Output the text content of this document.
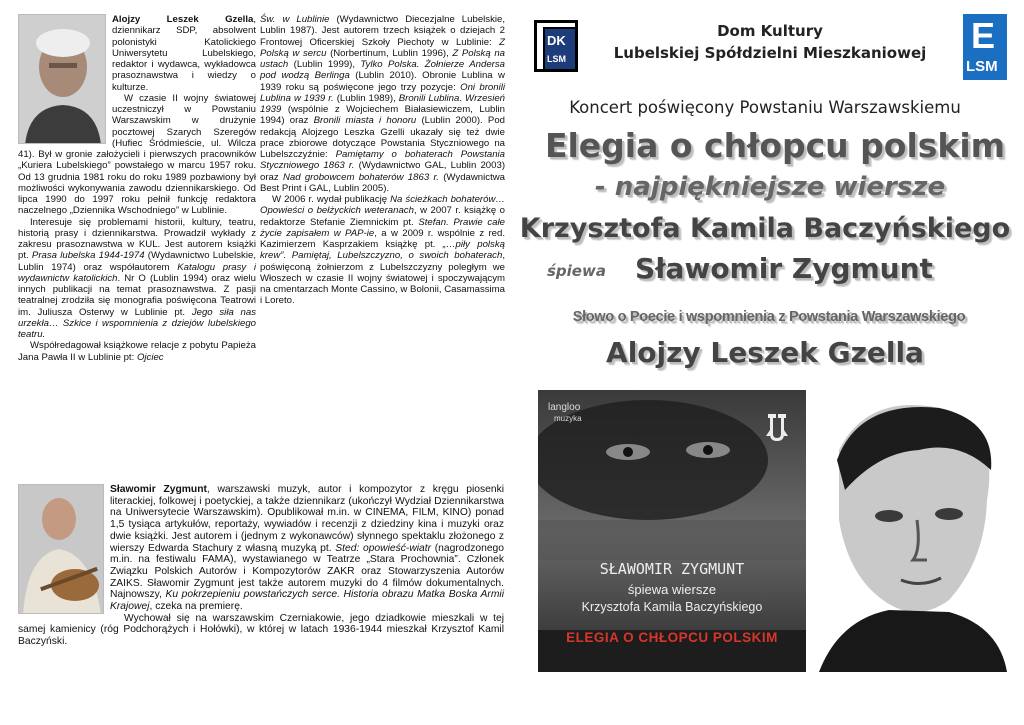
Alojzy Leszek Gzella, dziennikarz SDP, absolwent polonistyki Katolickiego Uniwersytetu Lubelskiego, redaktor i wydawca, wykładowca prasoznawstwa i wiedzy o kulturze.

W czasie II wojny światowej uczestniczył w Powstaniu Warszawskim w drużynie pocztowej Szarych Szeregów (Hufiec Śródmieście, ul. Wilcza 41). Był w gronie założycieli i pierwszych pracowników „Kuriera Lubelskiego” powstałego w marcu 1957 roku. Od 13 grudnia 1981 roku do roku 1989 pozbawiony był możliwości wykonywania zawodu dziennikarskiego. Od lipca 1990 do 1997 roku pełnił funkcję redaktora naczelnego „Dziennika Wschodniego” w Lublinie.

Interesuje się problemami historii, kultury, teatru, historią prasy i dziennikarstwa. Prowadził wykłady z zakresu prasoznawstwa w KUL. Jest autorem książki pt. Prasa lubelska 1944-1974 (Wydawnictwo Lubelskie, Lublin 1974) oraz współautorem Katalogu prasy i wydawnictw katolickich. Nr O (Lublin 1994) oraz wielu innych publikacji na temat prasoznawstwa. Z pasji teatralnej zrodziła się monografia poświęcona Teatrowi im. Juliusza Osterwy w Lublinie pt. Jego siła nas urzekła… Szkice i wspomnienia z dziejów lubelskiego teatru.

Współredagował książkowe relacje z pobytu Papieża Jana Pawła II w Lublinie pt: Ojciec

Św. w Lublinie (Wydawnictwo Diecezjalne Lubelskie, Lublin 1987). Jest autorem trzech książek o dziejach 2 Frontowej Oficerskiej Szkoły Piechoty w Lublinie: Z Polską w sercu (Norbertinum, Lublin 1996), Z Polską na ustach (Lublin 1999), Tylko Polska. Żołnierze Andersa pod wodzą Berlinga (Lublin 2010). Obronie Lublina w 1939 roku są poświęcone jego trzy pozycje: Oni bronili Lublina w 1939 r. (Lublin 1989), Bronili Lublina. Wrzesień 1939 (wspólnie z Wojciechem Białasiewiczem, Lublin 1994) oraz Bronili miasta i honoru (Lublin 2000). Pod redakcją Alojzego Leszka Gzelli ukazały się też dwie prace zbiorowe dotyczące Powstania Styczniowego na Lubelszczyźnie: Pamiętamy o bohaterach Powstania Styczniowego 1863 r. (Wydawnictwo GAL, Lublin 2003) oraz Nad grobowcem bohaterów 1863 r. (Wydawnictwa Best Print i GAL, Lublin 2005).

W 2006 r. wydał publikację Na ścieżkach bohaterów… Opowieści o bełżyckich weteranach, w 2007 r. książkę o redaktorze Stefanie Ziemnickim pt. Stefan. Prawie całe życie zapisałem w PAP-ie, a w 2009 r. wspólnie z red. Kazimierzem Kasprzakiem książkę pt. „…piły polską krew”. Pamiętaj, Lubelszczyzno, o swoich bohaterach, poświęconą żołnierzom z Lubelszczyzny poległym we Włoszech w czasie II wojny światowej i spoczywającym na cmentarzach Monte Cassino, w Bolonii, Casamassima i Loreto.

Sławomir Zygmunt, warszawski muzyk, autor i kompozytor z kręgu piosenki literackiej, folkowej i poetyckiej, a także dziennikarz (ukończył Wydział Dziennikarstwa na Uniwersytecie Warszawskim). Opublikował m.in. w CINEMA, FILM, KINO) ponad 1,5 tysiąca artykułów, reportaży, wywiadów i recenzji z dziedziny kina i muzyki oraz dwie książki. Jest autorem i (jednym z wykonawców) słynnego spektaklu złożonego z wierszy Edwarda Stachury z własną muzyką pt. Sted: opowieść-wiatr (nagrodzonego m.in. na festiwalu FAMA), wystawianego w Teatrze „Stara Prochownia”. Członek Związku Polskich Autorów i Kompozytorów ZAKR oraz Stowarzyszenia Autorów ZAIKS. Sławomir Zygmunt jest także autorem muzyki do 4 filmów dokumentalnych. Najnowszy, Ku pokrzepieniu powstańczych serce. Historia obrazu Matka Boska Armii Krajowej, czeka na premierę.

Wychował się na warszawskim Czerniakowie, jego dziadkowie mieszkali w tej samej kamienicy (róg Podchorążych i Hołówki), w której w latach 1936-1944 mieszkał Krzysztof Kamil Baczyński.

DK
LSM
Dom Kultury
Lubelskiej Spółdzielni Mieszkaniowej	E
LSM
Koncert poświęcony Powstaniu Warszawskiemu
Elegia o chłopcu polskim
- najpiękniejsze wiersze
Krzysztofa Kamila Baczyńskiego
śpiewa Sławomir Zygmunt
Słowo o Poecie i wspomnienia z Powstania Warszawskiego
Alojzy Leszek Gzella
langloo
muzyka
SŁAWOMIR ZYGMUNT
śpiewa wiersze
Krzysztofa Kamila Baczyńskiego
ELEGIA O CHŁOPCU POLSKIM
